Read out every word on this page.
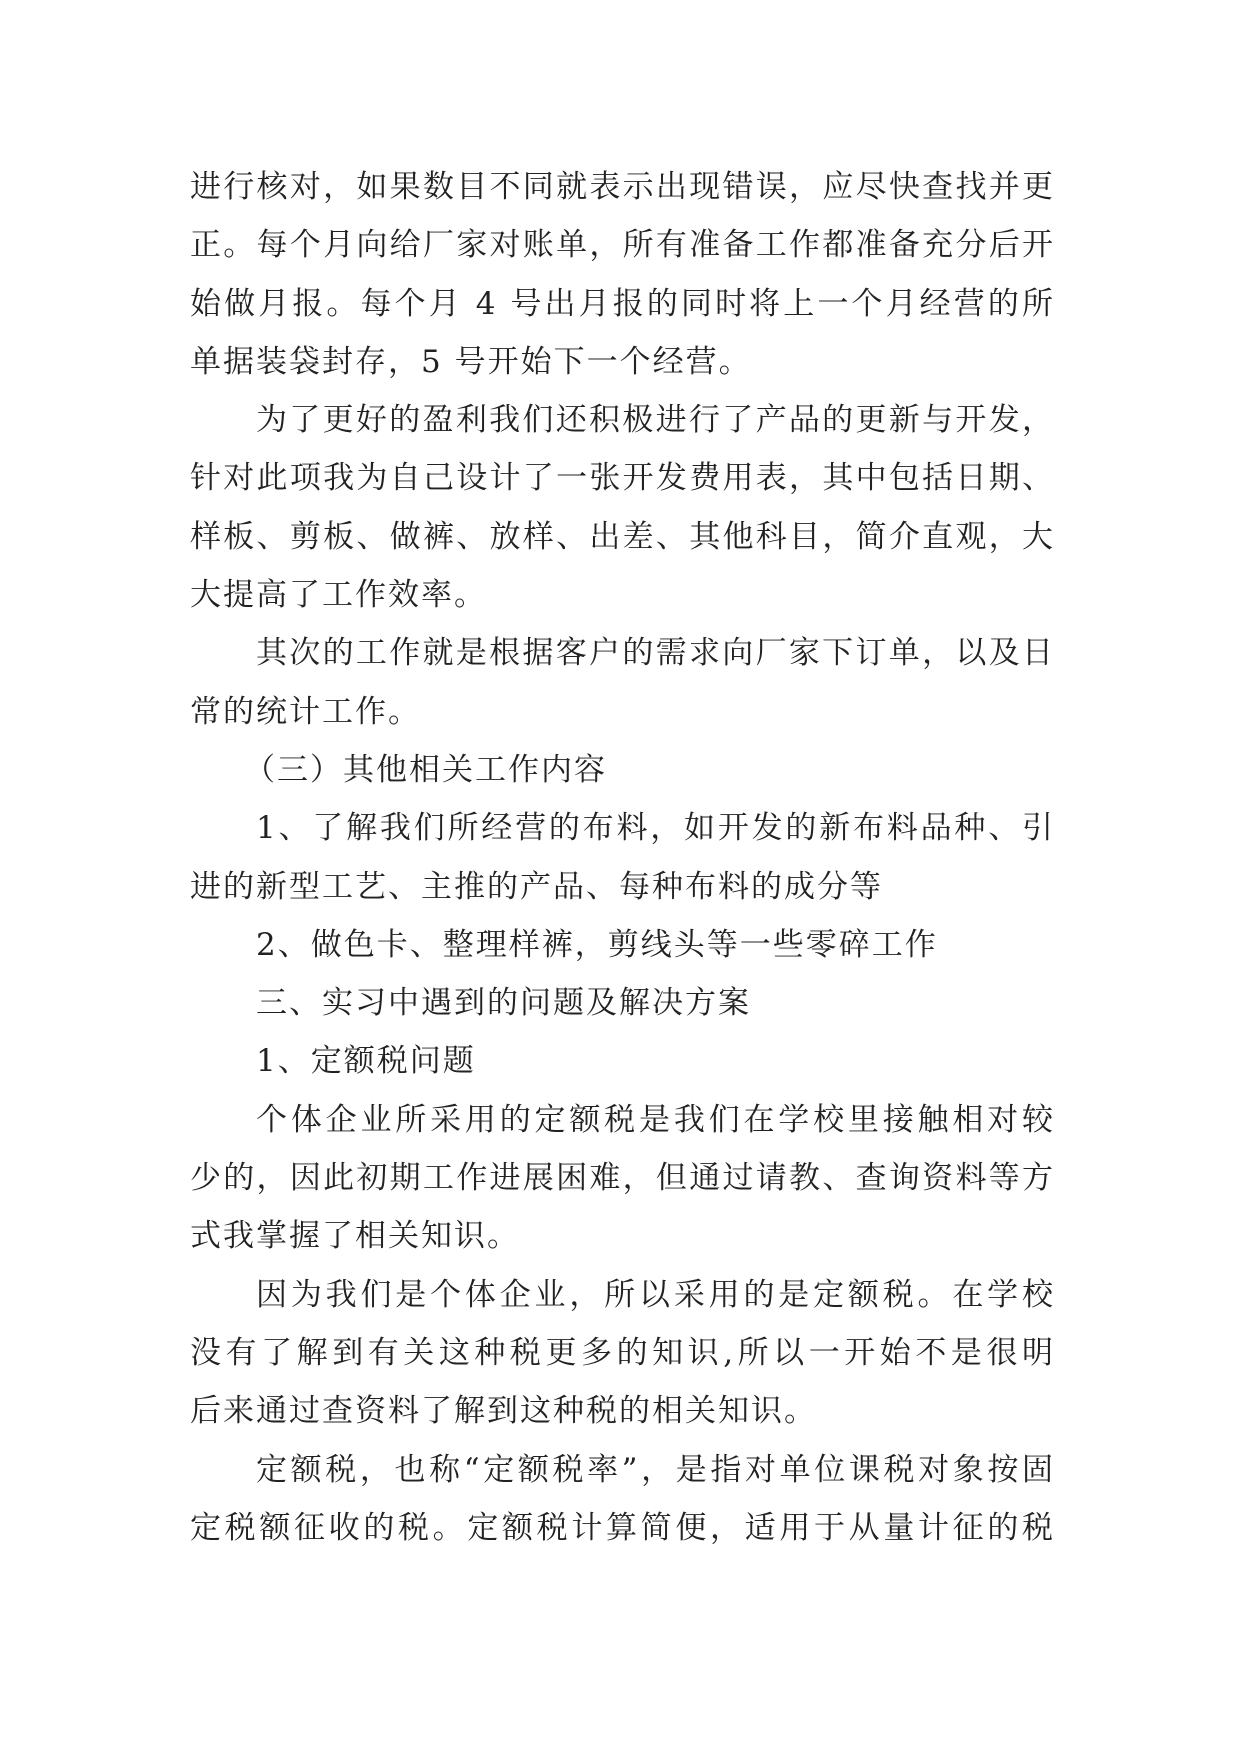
进行核对，如果数目不同就表示出现错误，应尽快查找并更
正。每个月向给厂家对账单，所有准备工作都准备充分后开
始做月报。每个月 4 号出月报的同时将上一个月经营的所
单据装袋封存，5 号开始下一个经营。
为了更好的盈利我们还积极进行了产品的更新与开发，
针对此项我为自己设计了一张开发费用表，其中包括日期、
样板、剪板、做裤、放样、出差、其他科目，简介直观，大
大提高了工作效率。
其次的工作就是根据客户的需求向厂家下订单，以及日
常的统计工作。
（三）其他相关工作内容
1、了解我们所经营的布料，如开发的新布料品种、引
进的新型工艺、主推的产品、每种布料的成分等
2、做色卡、整理样裤，剪线头等一些零碎工作
三、实习中遇到的问题及解决方案
1、定额税问题
个体企业所采用的定额税是我们在学校里接触相对较
少的，因此初期工作进展困难，但通过请教、查询资料等方
式我掌握了相关知识。
因为我们是个体企业，所以采用的是定额税。在学校
没有了解到有关这种税更多的知识,所以一开始不是很明
后来通过查资料了解到这种税的相关知识。
定额税，也称“定额税率”，是指对单位课税对象按固
定税额征收的税。定额税计算简便，适用于从量计征的税
